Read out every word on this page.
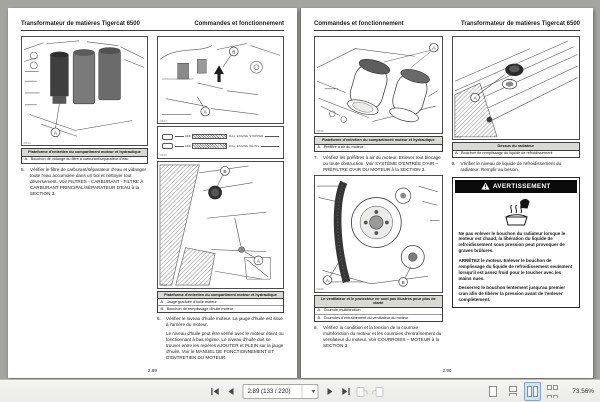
Transformateur de matières Tigercat 6500	Commandes et fonctionnement
A
60613
Plateforme d'entretien du compartiment moteur et hydraulique
A. Bouchon de vidange du filtre à carburant/séparateur d'eau
5.	Vérifier le filtre de carburant/séparateur d'eau et vidanger toute l'eau accumulée dans un bol et nettoyer tout déversement. Voir FILTRES - CARBURANT - FILTRE À CARBURANT PRINCIPAL/SÉPARATEUR D'EAU à la SECTION 3.
B
A
60617
ADD	FULL ENGINE STOPPED
ADD	FULL ENGINE IDLING
60620
B
A
60618
Plateforme d'entretien du compartiment moteur et hydraulique
A. Jauge graduée d'huile moteur
B. Bouchon de remplissage d'huile moteur
6.	Vérifier le niveau d'huile moteur. La jauge d'huile est situé à l'arrière du moteur.
Le niveau d'huile peut être vérifié avec le moteur éteint ou fonctionnant à bas régime. Le niveau d'huile doit se trouver entre les repères AJOUTER et PLEIN sur la jauge d'huile. Voir le MANUEL DE FONCTIONNEMENT ET D'ENTRETIEN DU MOTEUR.
2.89
Commandes et fonctionnement	Transformateur de matières Tigercat 6500
A
60609
Plateforme d'entretien du compartiment moteur et hydraulique
A. Préfiltre à air du moteur
7.	Vérifiez les préfiltres à air du moteur. Enlever tout blocage ou toute obstruction. Voir SYSTÈME D'ENTRÉE D'AIR – PRÉFILTRE D'AIR DU MOTEUR à la SECTION 3.
A	B
60605
Le ventilateur et le protecteur ne sont pas illustrés pour plus de clarté
A. Courroie multifonction
B. Courroies d'entraînement du ventilateur du moteur
8.	Vérifiez la condition et la tension de la courroie multifonction du moteur et les courroies d'entraînement du ventilateur du moteur. Voir COURROIES – MOTEUR à la SECTION 3.
A
60610
Dessus du radiateur
A. Bouchon de remplissage du liquide de refroidissement
9.	Vérifier le niveau de liquide de refroidissement du radiateur. Remplir au besoin.
AVERTISSEMENT

Ne pas enlever le bouchon du radiateur lorsque le moteur est chaud, la libération du liquide de refroidissement sous pression peut provoquer de graves brûlures.

ARRÊTEZ le moteur. Enlever le bouchon de remplissage du liquide de refroidissement seulement lorsqu'il est assez froid pour le toucher avec les mains nues.

Desserrez le bouchon lentement jusqu'au premier cran afin de libérer la pression avant de l'enlever complètement.

2.90
2.89 (133 / 220)	73.56%
